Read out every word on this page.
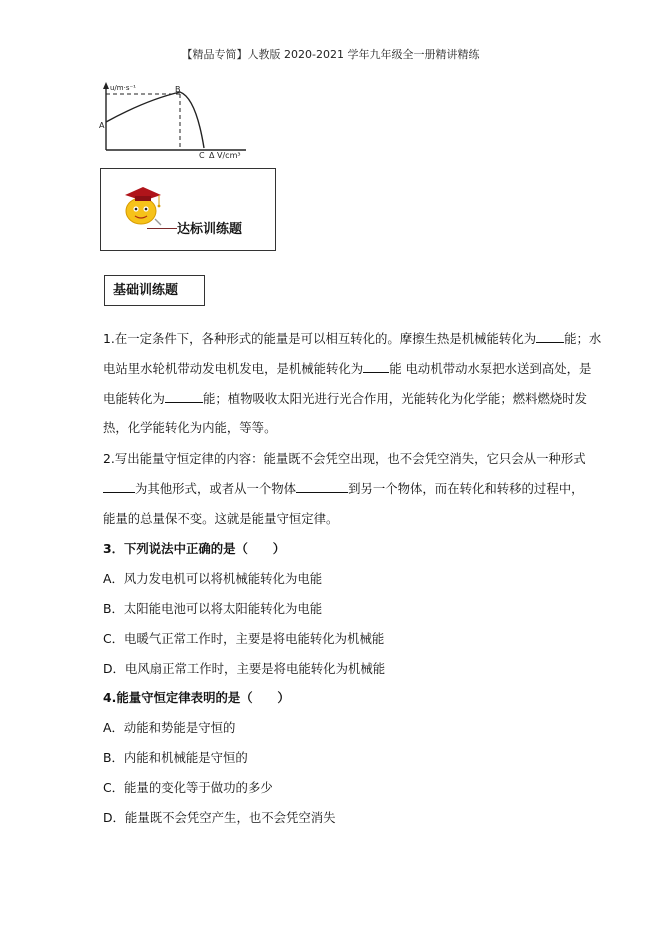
【精品专简】人教版 2020-2021 学年九年级全一册精讲精练
u/m·s⁻¹
A
B
C Δ V/cm³
达标训练题
基础训练题
1.在一定条件下，各种形式的能量是可以相互转化的。摩擦生热是机械能转化为 能；水
电站里水轮机带动发电机发电，是机械能转化为 能 电动机带动水泵把水送到高处，是
电能转化为	能；植物吸收太阳光进行光合作用，光能转化为化学能；燃料燃烧时发
热，化学能转化为内能，等等。
2.写出能量守恒定律的内容：能量既不会凭空出现，也不会凭空消失，它只会从一种形式
为其他形式，或者从一个物体	到另一个物体，而在转化和转移的过程中，
能量的总量保不变。这就是能量守恒定律。
3．下列说法中正确的是（　　）
A．风力发电机可以将机械能转化为电能
B．太阳能电池可以将太阳能转化为电能
C．电暖气正常工作时，主要是将电能转化为机械能
D．电风扇正常工作时，主要是将电能转化为机械能
4.能量守恒定律表明的是（　　）
A．动能和势能是守恒的
B．内能和机械能是守恒的
C．能量的变化等于做功的多少
D．能量既不会凭空产生，也不会凭空消失
